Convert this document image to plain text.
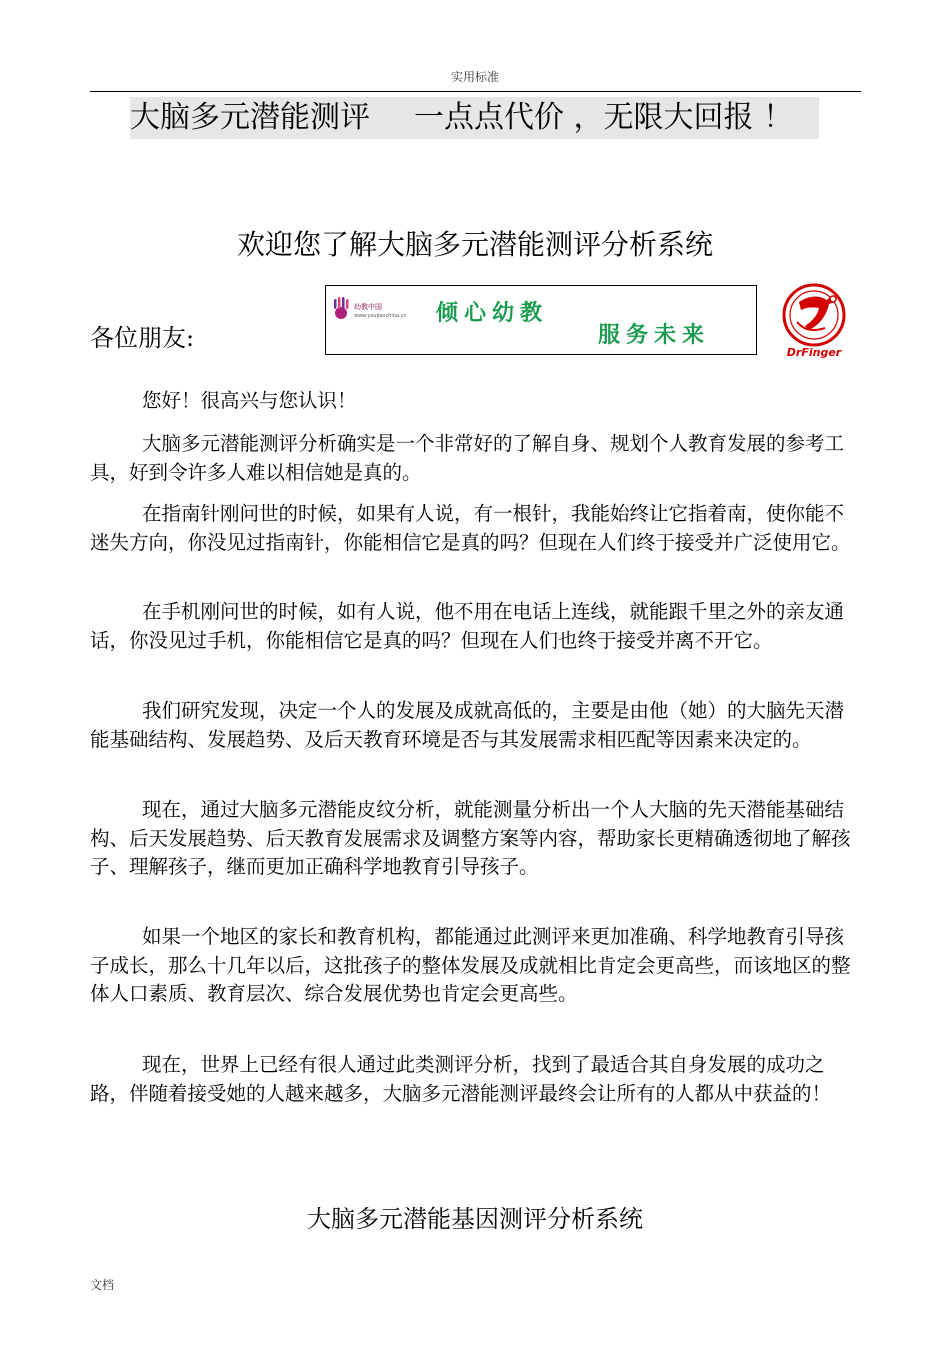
实用标准
大脑多元潜能测评 一点点代价 ，无限大回报 ！
欢迎您了解大脑多元潜能测评分析系统
各位朋友:
幼教中国
www.youjiaochina.cn 倾心幼教
服务未来
DrFinger

您好！很高兴与您认识！

大脑多元潜能测评分析确实是一个非常好的了解自身、规划个人教育发展的参考工具，好到令许多人难以相信她是真的。

在指南针刚问世的时候，如果有人说，有一根针，我能始终让它指着南，使你能不迷失方向，你没见过指南针，你能相信它是真的吗？但现在人们终于接受并广泛使用它。

在手机刚问世的时候，如有人说，他不用在电话上连线，就能跟千里之外的亲友通话，你没见过手机，你能相信它是真的吗？但现在人们也终于接受并离不开它。

我们研究发现，决定一个人的发展及成就高低的，主要是由他（她）的大脑先天潜能基础结构、发展趋势、及后天教育环境是否与其发展需求相匹配等因素来决定的。

现在，通过大脑多元潜能皮纹分析，就能测量分析出一个人大脑的先天潜能基础结构、后天发展趋势、后天教育发展需求及调整方案等内容，帮助家长更精确透彻地了解孩子、理解孩子，继而更加正确科学地教育引导孩子。

如果一个地区的家长和教育机构，都能通过此测评来更加准确、科学地教育引导孩子成长，那么十几年以后，这批孩子的整体发展及成就相比肯定会更高些，而该地区的整体人口素质、教育层次、综合发展优势也肯定会更高些。

现在，世界上已经有很人通过此类测评分析，找到了最适合其自身发展的成功之路，伴随着接受她的人越来越多，大脑多元潜能测评最终会让所有的人都从中获益的！

大脑多元潜能基因测评分析系统
文档
